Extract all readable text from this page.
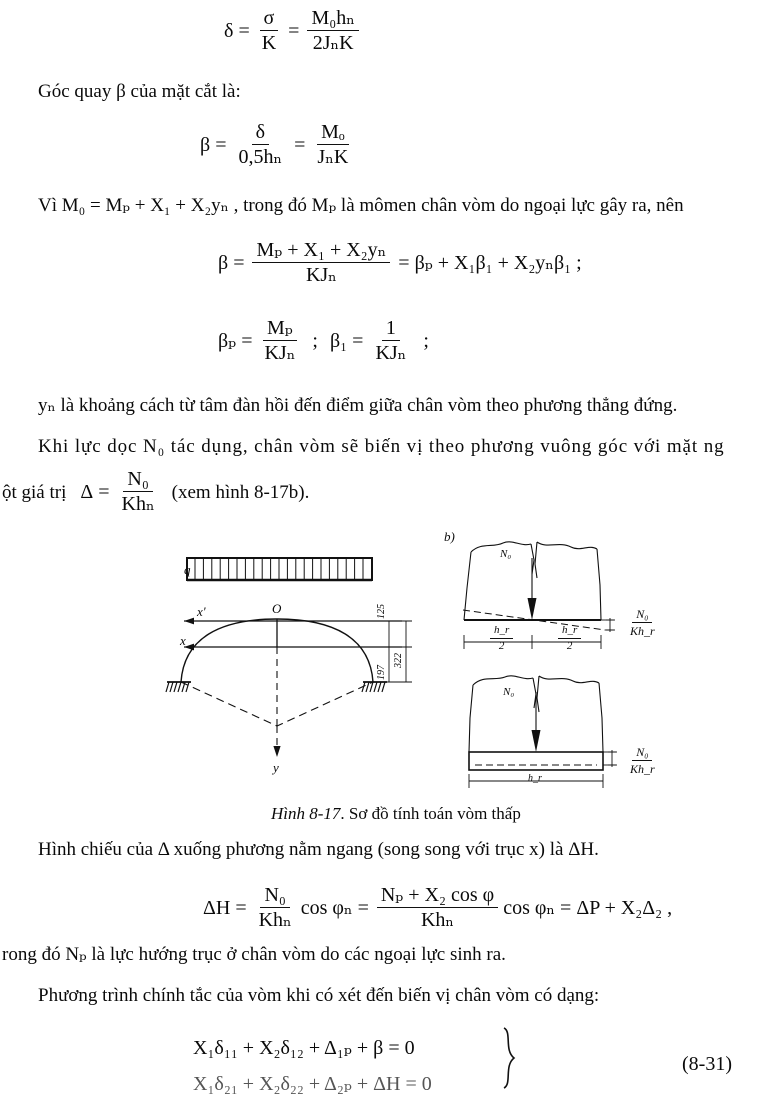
$\delta = \frac{\sigma}{K} = \frac{\text{M₀hₙ}}{\text{2JₙK}}$
Góc quay β của mặt cắt là:
$\beta = \frac{\delta}{\text{0,5hₙ}} = \frac{\text{Mₒ}}{\text{JₙK}}$
Vì M₀ = Mₚ + X₁ + X₂yₙ , trong đó Mₚ là mômen chân vòm do ngoại lực gây ra, nên
$\beta = \frac{\text{Mₚ + X₁ + X₂yₙ}}{\text{KJₙ}} = \beta_p + X_1\beta_1 + X_2y_n\beta_1$ ;
$\beta_p = \frac{\text{Mₚ}}{\text{KJₙ}}$ ; $\beta_1 = \frac{1}{\text{KJₙ}}$ ;
yₙ là khoảng cách từ tâm đàn hồi đến điểm giữa chân vòm theo phương thẳng đứng.
Khi lực dọc N₀ tác dụng, chân vòm sẽ biến vị theo phương vuông góc với mặt ng
ột giá trị $\Delta = \frac{\text{N₀}}{\text{Khₙ}} (xem$ hình 8-17b).
b)
q
x'
x
O
y
125
197
322
N₀
$\frac{h\_r}{2}$	$\frac{h\_r}{2}$
$\frac{\text{N₀}}{Kh\_r}$
N₀
h_r
$\frac{\text{N₀}}{Kh\_r}$
Hình 8-17. Sơ đồ tính toán vòm thấp
Hình chiếu của Δ xuống phương nằm ngang (song song với trục x) là ΔH.
$\Delta H = \frac{\text{N₀}}{\text{Khₙ}}$ $\cos \varphi_n = \frac{\text{Nₚ + X₂ cos φ}}{\text{Khₙ}}$ cos φₙ = ΔP + X₂Δ₂ ,
rong đó Nₚ là lực hướng trục ở chân vòm do các ngoại lực sinh ra.
Phương trình chính tắc của vòm khi có xét đến biến vị chân vòm có dạng:
X₁δ₁₁ + X₂δ₁₂ + Δ₁ₚ + β = 0
X₁δ₂₁ + X₂δ₂₂ + Δ₂ₚ + ΔH = 0
(8-31)
